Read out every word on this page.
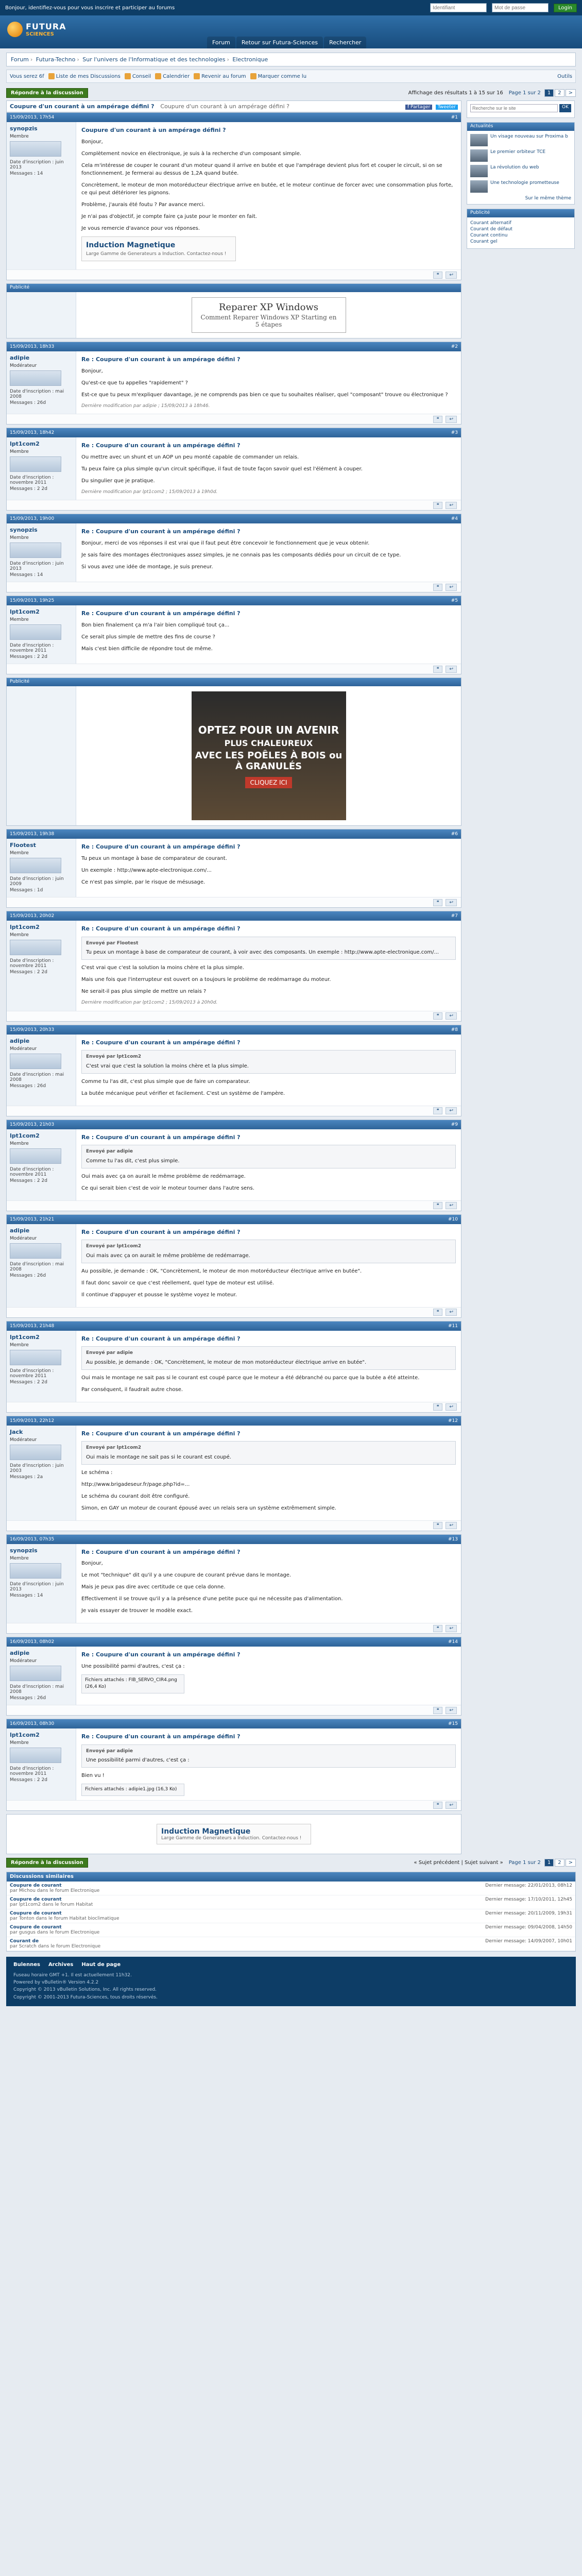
Bonjour, identifiez-vous pour vous inscrire et participer au forums
Identifiant	Login
FUTURA
SCIENCES
Forum	Retour sur Futura-Sciences	Rechercher
Forum › Futura-Techno › Sur l'univers de l'Informatique et des technologies › Electronique
Vous serez 6f	Liste de mes Discussions	Conseil	Calendrier	Revenir au forum	Marquer comme lu	Outils
Répondre à la discussion	Affichage des résultats 1 à 15 sur 16	Page 1 sur 2	1	2	>
Coupure d'un courant à un ampérage défini ? Coupure d'un courant à un ampérage défini ?	f Partager Tweeter
15/09/2013, 17h54	#1
synopzis
Membre
Date d'inscription : juin 2013
Messages : 14
Coupure d'un courant à un ampérage défini ?

Bonjour,

Complètement novice en électronique, je suis à la recherche d'un composant simple.

Cela m'intéresse de couper le courant d'un moteur quand il arrive en butée et que l'ampérage devient plus fort et couper le circuit, si on se fonctionnement. Je fermerai au dessus de 1,2A quand butée.

Concrètement, le moteur de mon motoréducteur électrique arrive en butée, et le moteur continue de forcer avec une consommation plus forte, ce qui peut détériorer les pignons.

Problème, j'aurais été foutu ? Par avance merci.

Je n'ai pas d'objectif, je compte faire ça juste pour le monter en fait.

Je vous remercie d'avance pour vos réponses.

Induction Magnetique
Large Gamme de Generateurs a Induction. Contactez-nous !
❝	↩
Publicité
Reparer XP Windows
Comment Reparer Windows XP Starting en 5 étapes
15/09/2013, 18h33	#2
adipie
Modérateur
Date d'inscription : mai 2008
Messages : 26d
Re : Coupure d'un courant à un ampérage défini ?

Bonjour,

Qu'est-ce que tu appelles "rapidement" ?

Est-ce que tu peux m'expliquer davantage, je ne comprends pas bien ce que tu souhaites réaliser, quel "composant" trouve ou électronique ?

Dernière modification par adipie ; 15/09/2013 à 18h46.
❝	↩
15/09/2013, 18h42	#3
lpt1com2
Membre
Date d'inscription : novembre 2011
Messages : 2 2d
Re : Coupure d'un courant à un ampérage défini ?

Ou mettre avec un shunt et un AOP un peu monté capable de commander un relais.

Tu peux faire ça plus simple qu'un circuit spécifique, il faut de toute façon savoir quel est l'élément à couper.

Du singulier que je pratique.

Dernière modification par lpt1com2 ; 15/09/2013 à 19h0d.
❝	↩
15/09/2013, 19h00	#4
synopzis
Membre
Date d'inscription : juin 2013
Messages : 14
Re : Coupure d'un courant à un ampérage défini ?

Bonjour, merci de vos réponses il est vrai que il faut peut être concevoir le fonctionnement que je veux obtenir.

Je sais faire des montages électroniques assez simples, je ne connais pas les composants dédiés pour un circuit de ce type.

Si vous avez une idée de montage, je suis preneur.

❝	↩
15/09/2013, 19h25	#5
lpt1com2
Membre
Date d'inscription : novembre 2011
Messages : 2 2d
Re : Coupure d'un courant à un ampérage défini ?

Bon bien finalement ça m'a l'air bien compliqué tout ça...

Ce serait plus simple de mettre des fins de course ?

Mais c'est bien difficile de répondre tout de même.

❝	↩
Publicité
OPTEZ POUR UN AVENIR
PLUS CHALEUREUX
AVEC LES POÊLES À BOIS ou À GRANULÉS
CLIQUEZ ICI
15/09/2013, 19h38	#6
Flootest
Membre
Date d'inscription : juin 2009
Messages : 1d
Re : Coupure d'un courant à un ampérage défini ?

Tu peux un montage à base de comparateur de courant.

Un exemple : http://www.apte-electronique.com/...

Ce n'est pas simple, par le risque de mésusage.

❝	↩
15/09/2013, 20h02	#7
lpt1com2
Membre
Date d'inscription : novembre 2011
Messages : 2 2d
Re : Coupure d'un courant à un ampérage défini ?
Envoyé par Flootest
Tu peux un montage à base de comparateur de courant, à voir avec des composants. Un exemple : http://www.apte-electronique.com/...

C'est vrai que c'est la solution la moins chère et la plus simple.

Mais une fois que l'interrupteur est ouvert on a toujours le problème de redémarrage du moteur.

Ne serait-il pas plus simple de mettre un relais ?

Dernière modification par lpt1com2 ; 15/09/2013 à 20h0d.
❝	↩
15/09/2013, 20h33	#8
adipie
Modérateur
Date d'inscription : mai 2008
Messages : 26d
Re : Coupure d'un courant à un ampérage défini ?
Envoyé par lpt1com2
C'est vrai que c'est la solution la moins chère et la plus simple.

Comme tu l'as dit, c'est plus simple que de faire un comparateur.

La butée mécanique peut vérifier et facilement. C'est un système de l'ampère.

❝	↩
15/09/2013, 21h03	#9
lpt1com2
Membre
Date d'inscription : novembre 2011
Messages : 2 2d
Re : Coupure d'un courant à un ampérage défini ?
Envoyé par adipie
Comme tu l'as dit, c'est plus simple.

Oui mais avec ça on aurait le même problème de redémarrage.

Ce qui serait bien c'est de voir le moteur tourner dans l'autre sens.

❝	↩
15/09/2013, 21h21	#10
adipie
Modérateur
Date d'inscription : mai 2008
Messages : 26d
Re : Coupure d'un courant à un ampérage défini ?
Envoyé par lpt1com2
Oui mais avec ça on aurait le même problème de redémarrage.

Au possible, je demande : OK, "Concrètement, le moteur de mon motoréducteur électrique arrive en butée".

Il faut donc savoir ce que c'est réellement, quel type de moteur est utilisé.

Il continue d'appuyer et pousse le système voyez le moteur.

❝	↩
15/09/2013, 21h48	#11
lpt1com2
Membre
Date d'inscription : novembre 2011
Messages : 2 2d
Re : Coupure d'un courant à un ampérage défini ?
Envoyé par adipie
Au possible, je demande : OK, "Concrètement, le moteur de mon motoréducteur électrique arrive en butée".

Oui mais le montage ne sait pas si le courant est coupé parce que le moteur a été débranché ou parce que la butée a été atteinte.

Par conséquent, il faudrait autre chose.

❝	↩
15/09/2013, 22h12	#12
Jack
Modérateur
Date d'inscription : juin 2003
Messages : 2a
Re : Coupure d'un courant à un ampérage défini ?
Envoyé par lpt1com2
Oui mais le montage ne sait pas si le courant est coupé.

Le schéma :

http://www.brigadeseur.fr/page.php?id=...

Le schéma du courant doit être configuré.

Simon, en GAY un moteur de courant épousé avec un relais sera un système extrêmement simple.

❝	↩
16/09/2013, 07h35	#13
synopzis
Membre
Date d'inscription : juin 2013
Messages : 14
Re : Coupure d'un courant à un ampérage défini ?

Bonjour,

Le mot "technique" dit qu'il y a une coupure de courant prévue dans le montage.

Mais je peux pas dire avec certitude ce que cela donne.

Effectivement il se trouve qu'il y a la présence d'une petite puce qui ne nécessite pas d'alimentation.

Je vais essayer de trouver le modèle exact.

❝	↩
16/09/2013, 08h02	#14
adipie
Modérateur
Date d'inscription : mai 2008
Messages : 26d
Re : Coupure d'un courant à un ampérage défini ?

Une possibilité parmi d'autres, c'est ça :

Fichiers attachés : FIB_SERVO_CIR4.png (26,4 Ko)
❝	↩
16/09/2013, 08h30	#15
lpt1com2
Membre
Date d'inscription : novembre 2011
Messages : 2 2d
Re : Coupure d'un courant à un ampérage défini ?
Envoyé par adipie
Une possibilité parmi d'autres, c'est ça :

Bien vu !

Fichiers attachés : adipie1.jpg (16,3 Ko)
❝	↩
Induction Magnetique
Large Gamme de Generateurs a Induction. Contactez-nous !
Recherche sur le site
OK
Actualités
Un visage nouveau sur Proxima b
Le premier orbiteur TCE
La révolution du web
Une technologie prometteuse
Sur le même thème
Publicité
Courant alternatif
Courant de défaut
Courant continu
Courant gel
Répondre à la discussion	« Sujet précédent | Sujet suivant »	Page 1 sur 2	1	2	>
Discussions similaires
Coupure de courant
par Michou dans le forum Electronique
Dernier message: 22/01/2013, 08h12
Coupure de courant
par lpt1com2 dans le forum Habitat
Dernier message: 17/10/2011, 12h45
Coupure de courant
par Tonton dans le forum Habitat bioclimatique
Dernier message: 20/11/2009, 19h31
Coupure de courant
par gusgus dans le forum Electronique
Dernier message: 09/04/2008, 14h50
Courant de
par Scratch dans le forum Electronique
Dernier message: 14/09/2007, 10h01
Bulennes Archives Haut de page
Fuseau horaire GMT +1. Il est actuellement 11h32.
Powered by vBulletin® Version 4.2.2
Copyright © 2013 vBulletin Solutions, Inc. All rights reserved.
Copyright © 2001-2013 Futura-Sciences, tous droits réservés.
